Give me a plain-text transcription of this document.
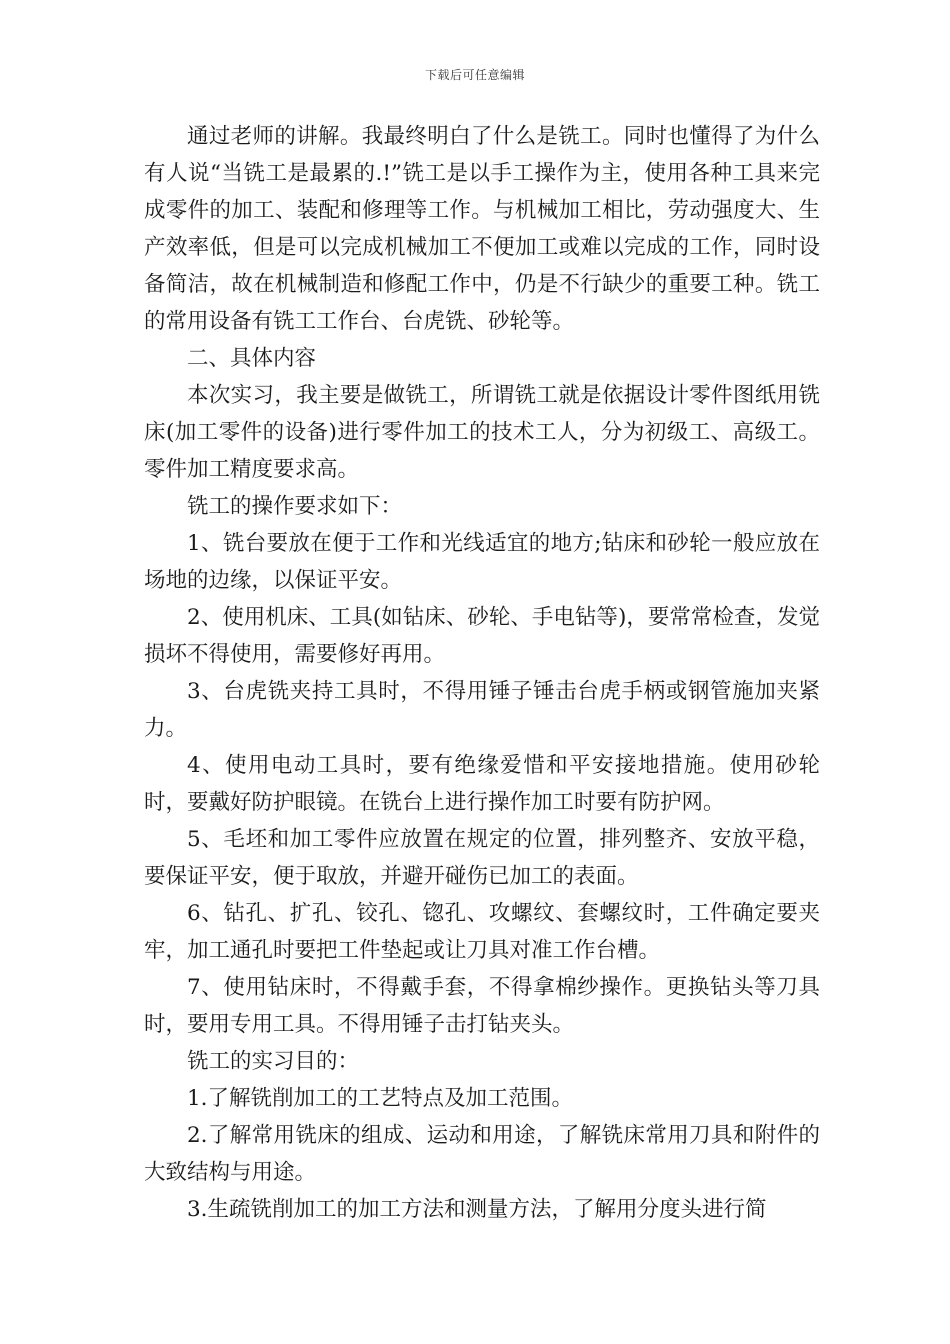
下载后可任意编辑

通过老师的讲解。我最终明白了什么是铣工。同时也懂得了为什么有人说“当铣工是最累的.!”铣工是以手工操作为主，使用各种工具来完成零件的加工、装配和修理等工作。与机械加工相比，劳动强度大、生产效率低，但是可以完成机械加工不便加工或难以完成的工作，同时设备简洁，故在机械制造和修配工作中，仍是不行缺少的重要工种。铣工的常用设备有铣工工作台、台虎铣、砂轮等。

二、具体内容

本次实习，我主要是做铣工，所谓铣工就是依据设计零件图纸用铣床(加工零件的设备)进行零件加工的技术工人，分为初级工、高级工。零件加工精度要求高。

铣工的操作要求如下：

1、铣台要放在便于工作和光线适宜的地方;钻床和砂轮一般应放在场地的边缘，以保证平安。

2、使用机床、工具(如钻床、砂轮、手电钻等)，要常常检查，发觉损坏不得使用，需要修好再用。

3、台虎铣夹持工具时，不得用锤子锤击台虎手柄或钢管施加夹紧力。

4、使用电动工具时，要有绝缘爱惜和平安接地措施。使用砂轮时，要戴好防护眼镜。在铣台上进行操作加工时要有防护网。

5、毛坯和加工零件应放置在规定的位置，排列整齐、安放平稳，要保证平安，便于取放，并避开碰伤已加工的表面。

6、钻孔、扩孔、铰孔、锪孔、攻螺纹、套螺纹时，工件确定要夹牢，加工通孔时要把工件垫起或让刀具对准工作台槽。

7、使用钻床时，不得戴手套，不得拿棉纱操作。更换钻头等刀具时，要用专用工具。不得用锤子击打钻夹头。

铣工的实习目的：

1.了解铣削加工的工艺特点及加工范围。

2.了解常用铣床的组成、运动和用途，了解铣床常用刀具和附件的大致结构与用途。

3.生疏铣削加工的加工方法和测量方法，了解用分度头进行简
